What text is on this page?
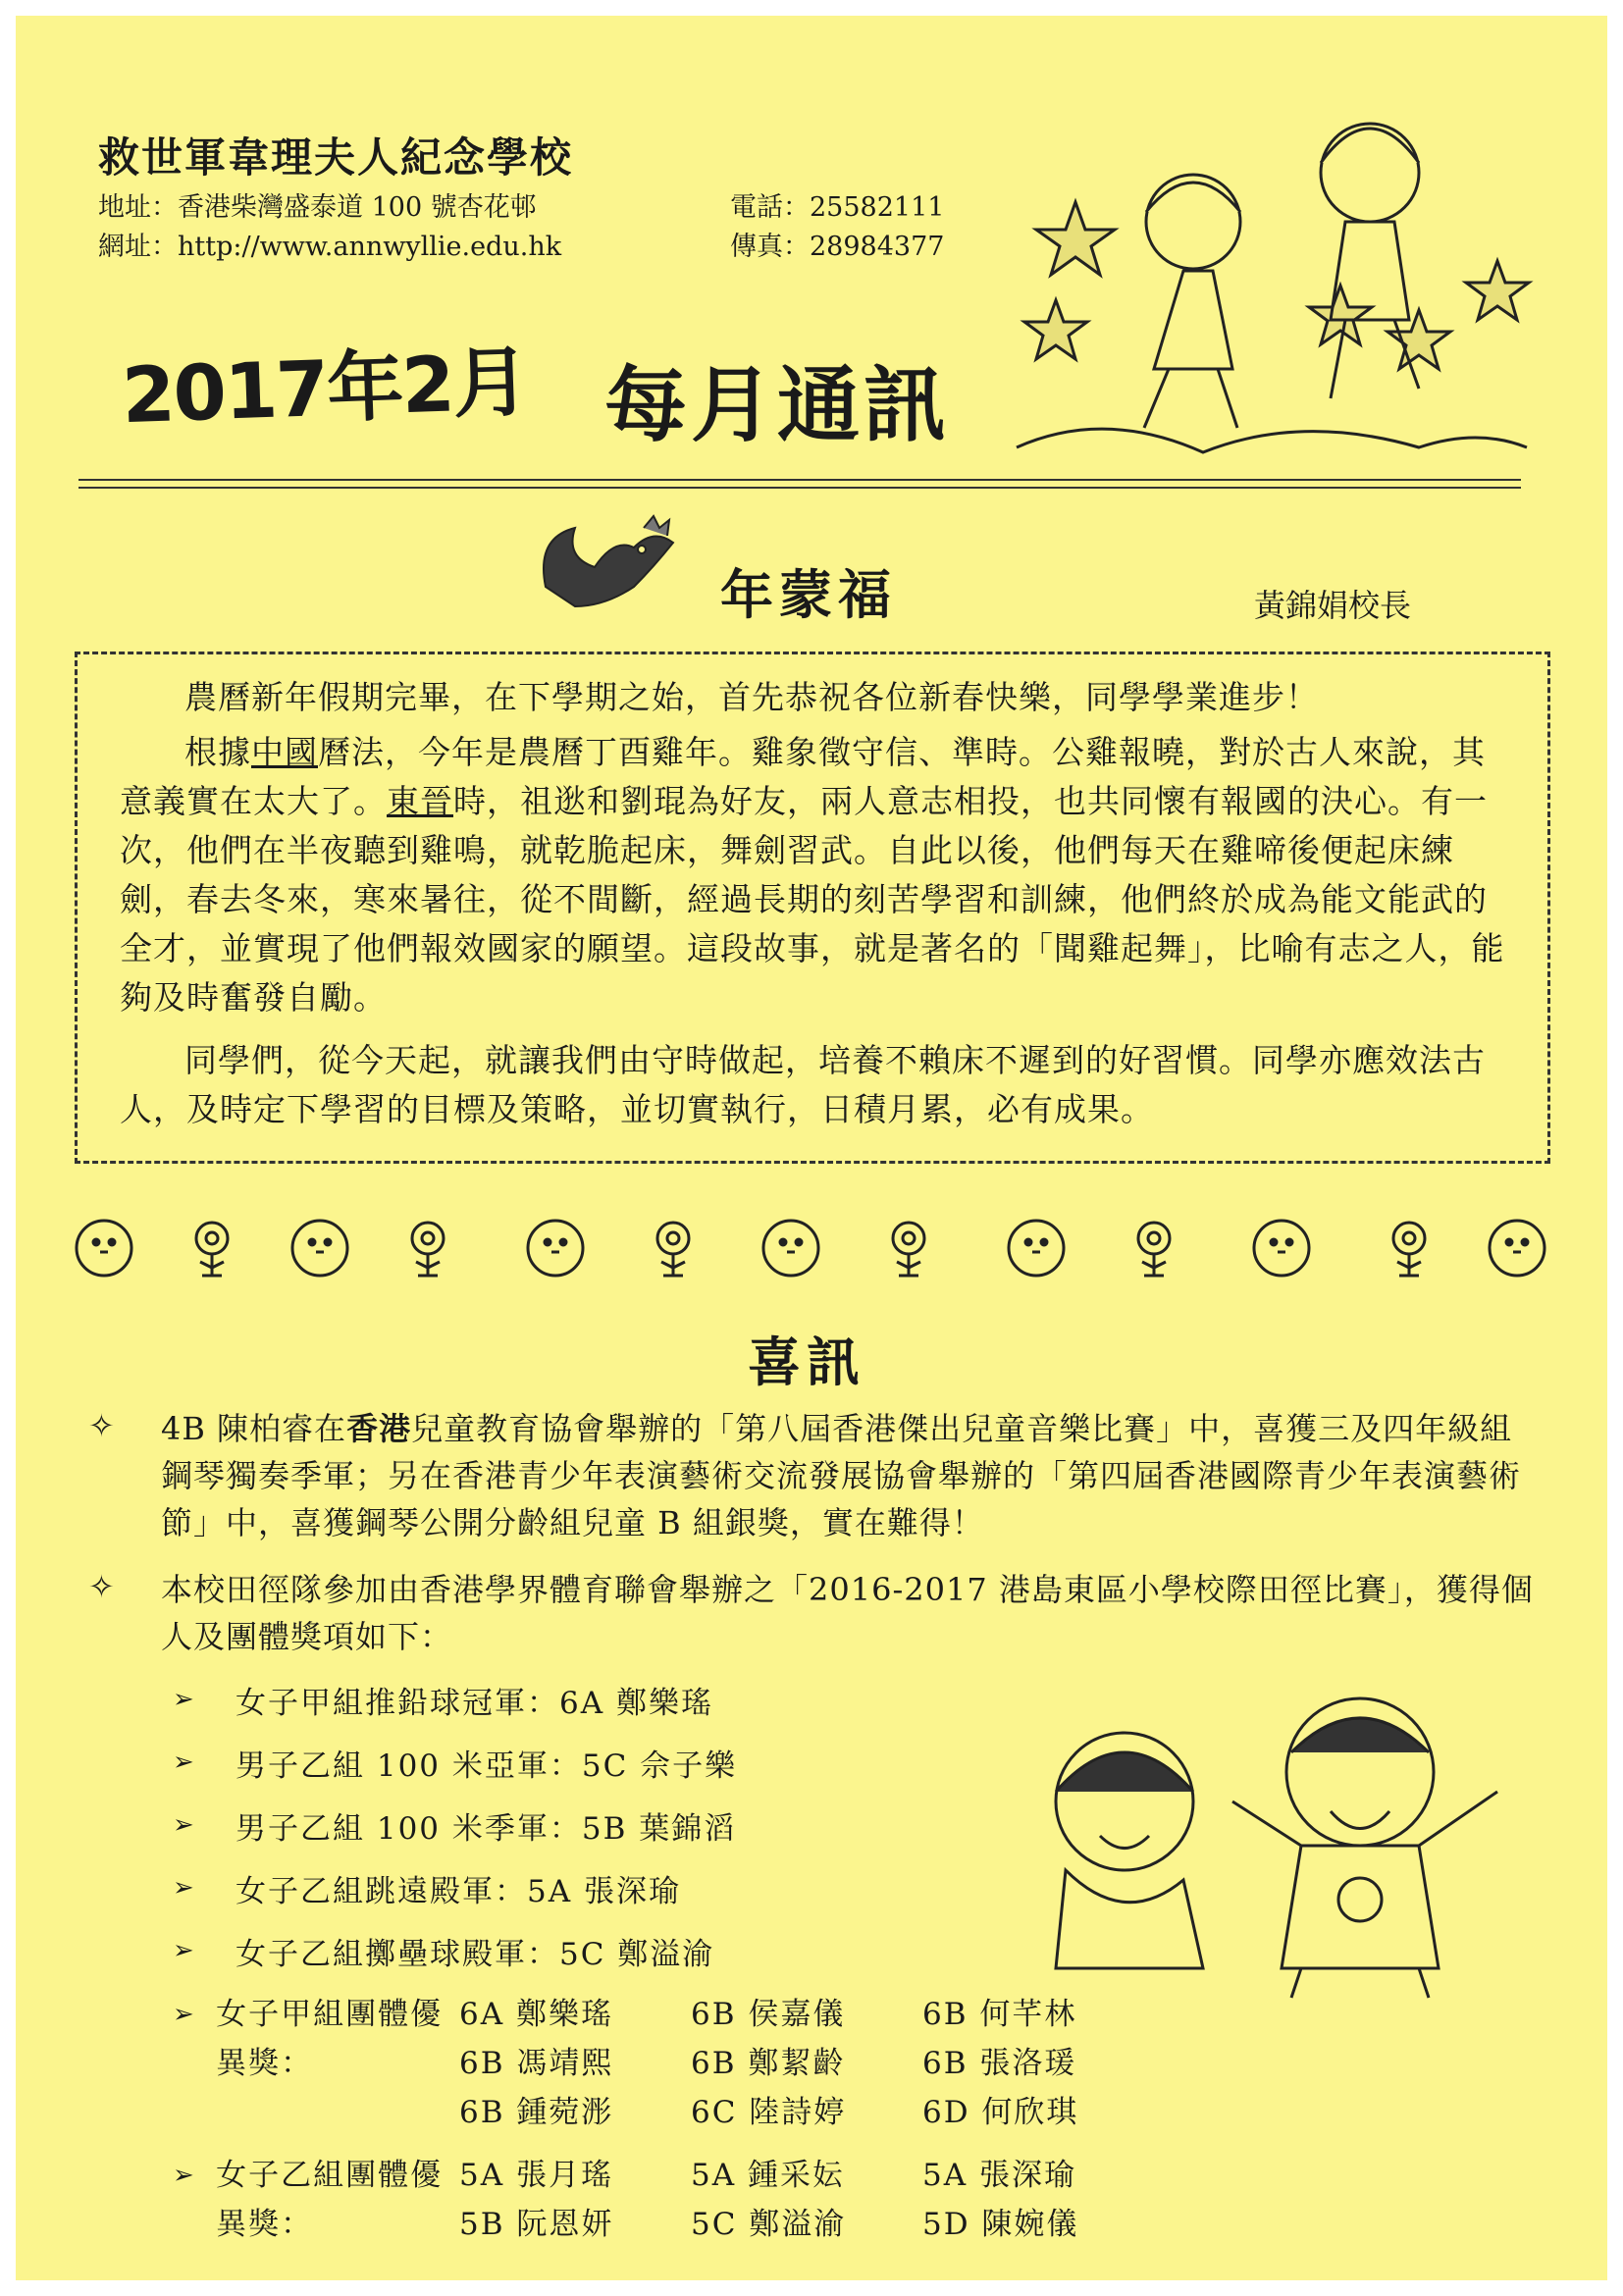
救世軍韋理夫人紀念學校
地址：香港柴灣盛泰道 100 號杏花邨
網址：http://www.annwyllie.edu.hk
電話：25582111
傳真：28984377
2017年2月 每月通訊
年蒙福	黃錦娟校長

農曆新年假期完畢，在下學期之始，首先恭祝各位新春快樂，同學學業進步！

根據中國曆法，今年是農曆丁酉雞年。雞象徵守信、準時。公雞報曉，對於古人來說，其意義實在太大了。東晉時，祖逖和劉琨為好友，兩人意志相投，也共同懷有報國的決心。有一次，他們在半夜聽到雞鳴，就乾脆起床，舞劍習武。自此以後，他們每天在雞啼後便起床練劍，春去冬來，寒來暑往，從不間斷，經過長期的刻苦學習和訓練，他們終於成為能文能武的全才，並實現了他們報效國家的願望。這段故事，就是著名的「聞雞起舞」，比喻有志之人，能夠及時奮發自勵。

同學們，從今天起，就讓我們由守時做起，培養不賴床不遲到的好習慣。同學亦應效法古人，及時定下學習的目標及策略，並切實執行，日積月累，必有成果。

喜訊
✧ 4B 陳柏睿在香港兒童教育協會舉辦的「第八屆香港傑出兒童音樂比賽」中，喜獲三及四年級組鋼琴獨奏季軍；另在香港青少年表演藝術交流發展協會舉辦的「第四屆香港國際青少年表演藝術節」中，喜獲鋼琴公開分齡組兒童 B 組銀獎，實在難得！
✧ 本校田徑隊參加由香港學界體育聯會舉辦之「2016-2017 港島東區小學校際田徑比賽」，獲得個人及團體獎項如下：
➢	女子甲組推鉛球冠軍： 6A 鄭樂瑤
➢	男子乙組 100 米亞軍： 5C 佘子樂
➢	男子乙組 100 米季軍： 5B 葉錦滔
➢	女子乙組跳遠殿軍： 5A 張深瑜
➢	女子乙組擲壘球殿軍： 5C 鄭溢渝
➢ 女子甲組團體優異獎：
6A 鄭樂瑤	6B 侯嘉儀	6B 何芊林
6B 馮靖熙	6B 鄭絜齡	6B 張洛瑗
6B 鍾菀浵	6C 陸詩婷	6D 何欣琪
➢ 女子乙組團體優異獎：
5A 張月瑤	5A 鍾采妘	5A 張深瑜
5B 阮恩妍	5C 鄭溢渝	5D 陳婉儀
